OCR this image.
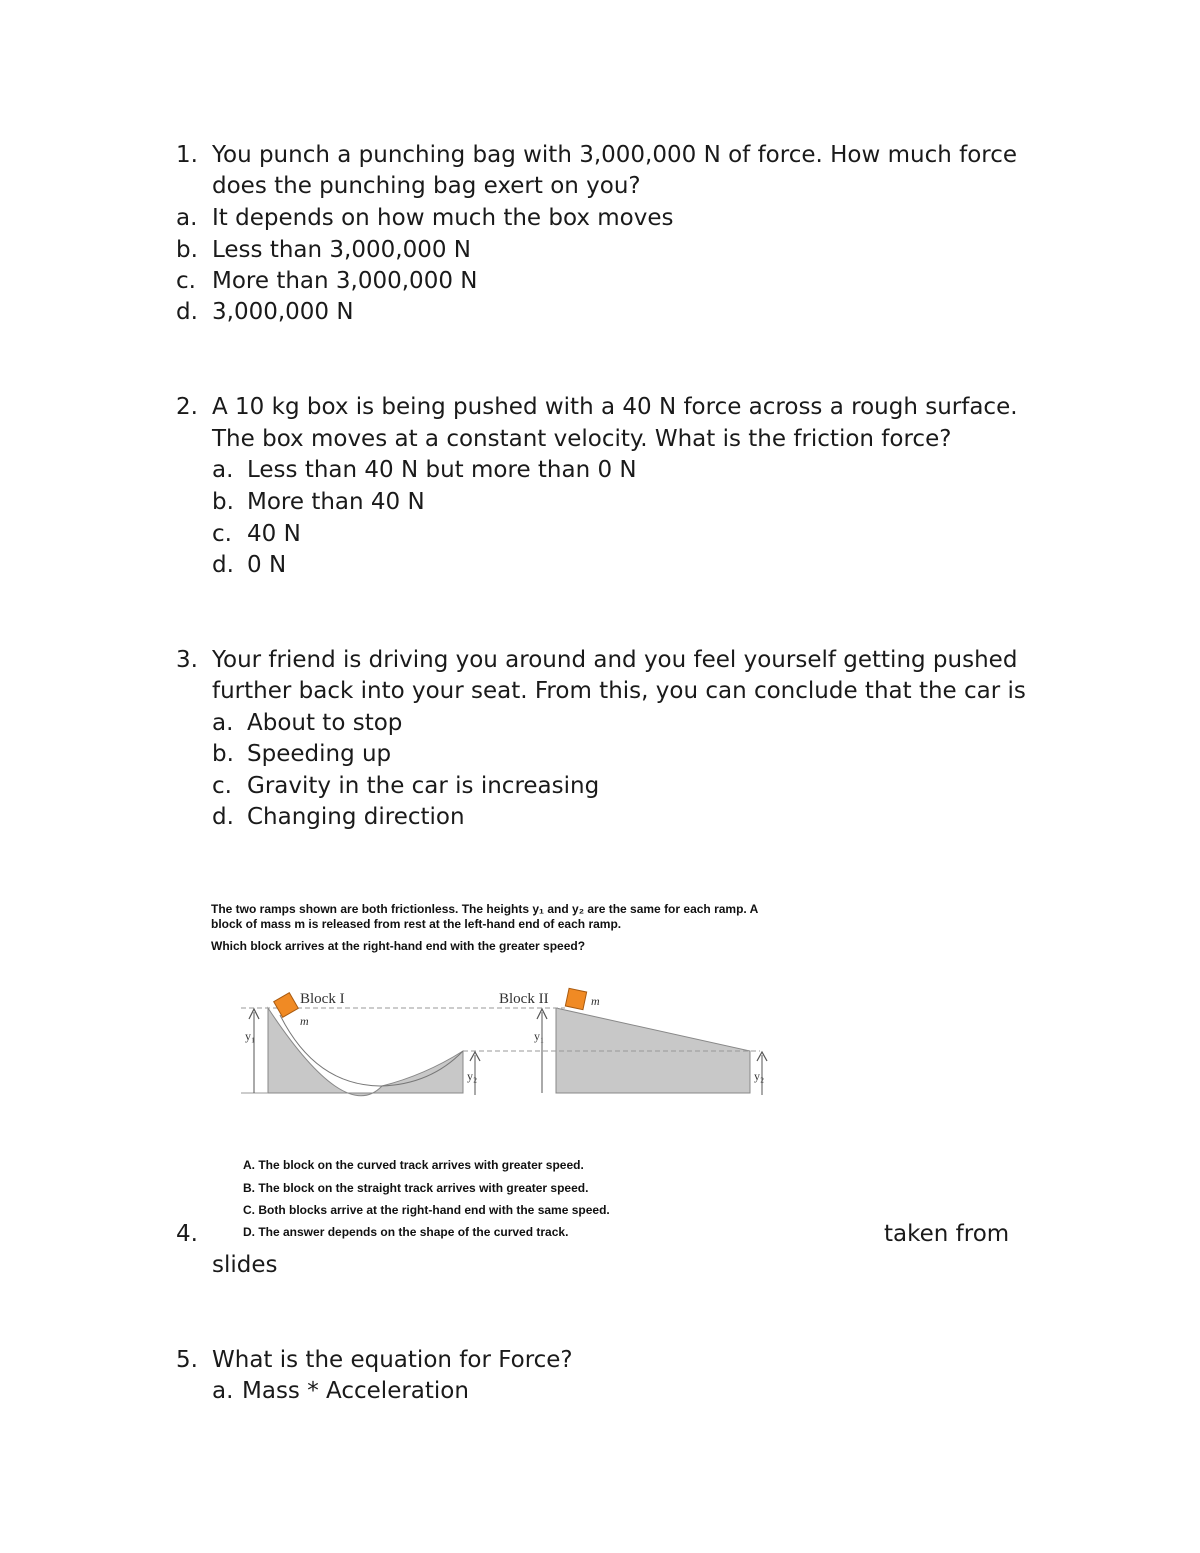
1. You punch a punching bag with 3,000,000 N of force. How much force
does the punching bag exert on you?
a. It depends on how much the box moves
b. Less than 3,000,000 N
c. More than 3,000,000 N
d. 3,000,000 N
2. A 10 kg box is being pushed with a 40 N force across a rough surface.
The box moves at a constant velocity. What is the friction force?
a. Less than 40 N but more than 0 N
b. More than 40 N
c. 40 N
d. 0 N
3. Your friend is driving you around and you feel yourself getting pushed
further back into your seat. From this, you can conclude that the car is
a. About to stop
b. Speeding up
c. Gravity in the car is increasing
d. Changing direction
The two ramps shown are both frictionless. The heights y₁ and y₂ are the same for each ramp. A
block of mass m is released from rest at the left-hand end of each ramp.
Which block arrives at the right-hand end with the greater speed?
y₁
y₂
y₁
y₂
Block I
m
Block II	m
A. The block on the curved track arrives with greater speed.
B. The block on the straight track arrives with greater speed.
C. Both blocks arrive at the right-hand end with the same speed.
D. The answer depends on the shape of the curved track.
4.	taken from
slides
5. What is the equation for Force?
a. Mass * Acceleration
